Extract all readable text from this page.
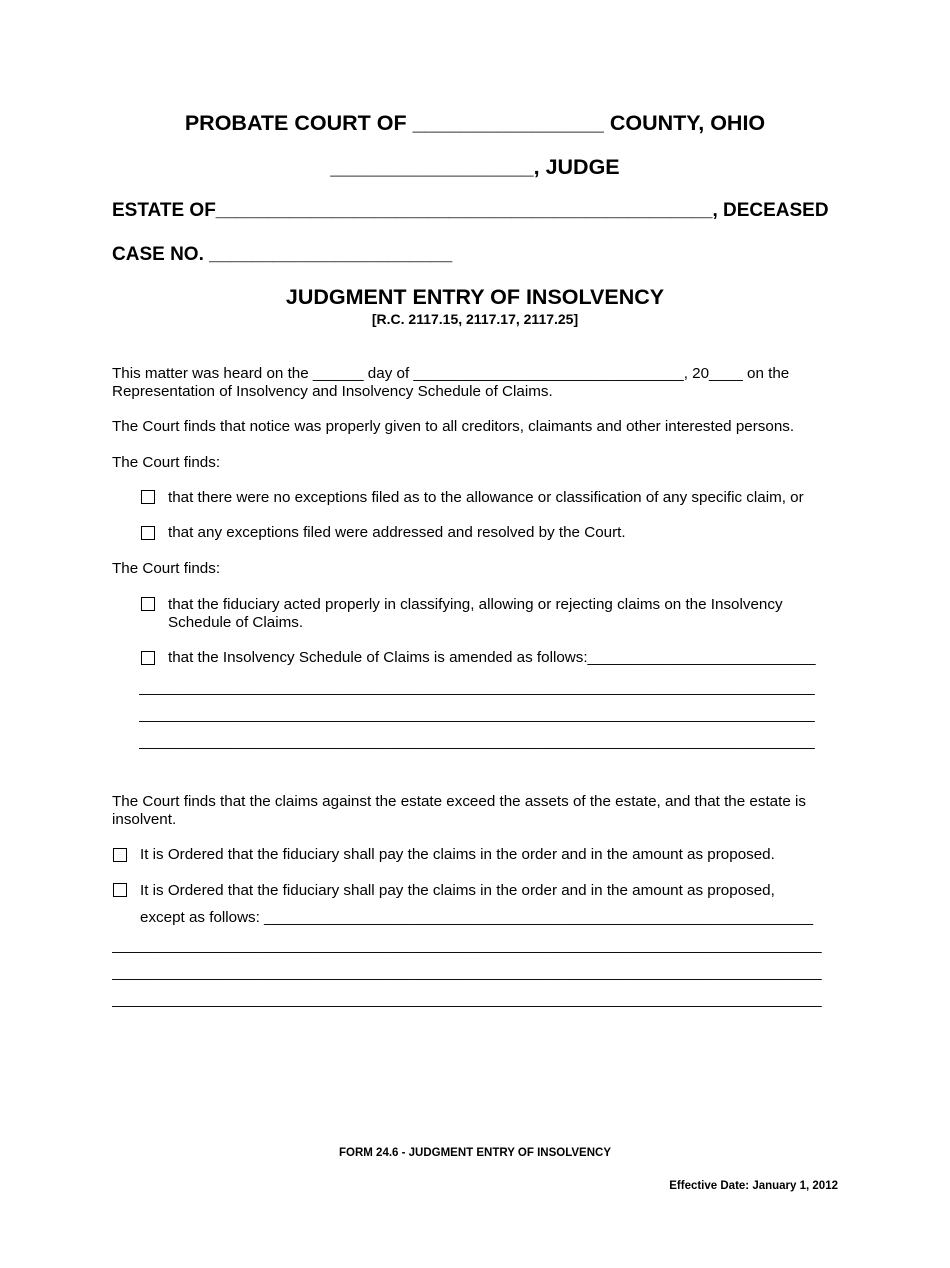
PROBATE COURT OF ________________ COUNTY, OHIO
_________________, JUDGE
ESTATE OF_______________________________________________, DECEASED
CASE NO. _______________________
JUDGMENT ENTRY OF INSOLVENCY
[R.C. 2117.15, 2117.17, 2117.25]
This matter was heard on the ______ day of ________________________________, 20____ on the
Representation of Insolvency and Insolvency Schedule of Claims.
The Court finds that notice was properly given to all creditors, claimants and other interested persons.
The Court finds:
that there were no exceptions filed as to the allowance or classification of any specific claim, or
that any exceptions filed were addressed and resolved by the Court.
The Court finds:
that the fiduciary acted properly in classifying, allowing or rejecting claims on the Insolvency
Schedule of Claims.
that the Insolvency Schedule of Claims is amended as follows:___________________________
________________________________________________________________________________
________________________________________________________________________________
________________________________________________________________________________
The Court finds that the claims against the estate exceed the assets of the estate, and that the estate is
insolvent.
It is Ordered that the fiduciary shall pay the claims in the order and in the amount as proposed.
It is Ordered that the fiduciary shall pay the claims in the order and in the amount as proposed,
except as follows: _________________________________________________________________
____________________________________________________________________________________
____________________________________________________________________________________
____________________________________________________________________________________
FORM 24.6 - JUDGMENT ENTRY OF INSOLVENCY
Effective Date: January 1, 2012
